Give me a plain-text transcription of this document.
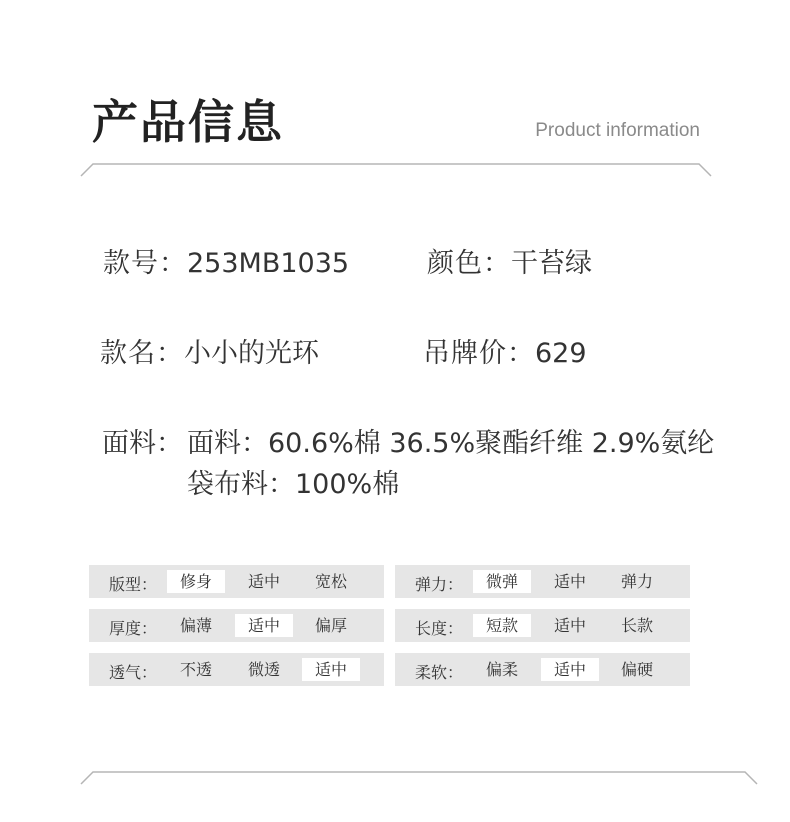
产品信息	Product information
款号：253MB1035	颜色：干苔绿
款名：小小的光环	吊牌价：629
面料： 面料：60.6%棉 36.5%聚酯纤维 2.9%氨纶
袋布料：100%棉
版型：	修身	适中	宽松
厚度：	偏薄	适中	偏厚
透气：	不透	微透	适中
弹力：	微弹	适中	弹力
长度：	短款	适中	长款
柔软：	偏柔	适中	偏硬
